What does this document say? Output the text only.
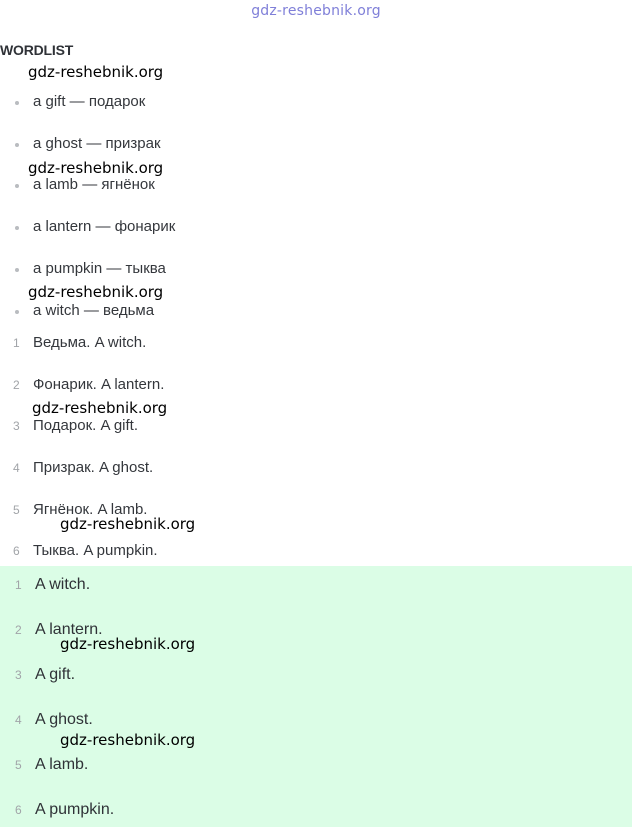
gdz-reshebnik.org
WORDLIST
a gift — подарок
a ghost — призрак
a lamb — ягнёнок
a lantern — фонарик
a pumpkin — тыква
a witch — ведьма
1 Ведьма. A witch.
2 Фонарик. A lantern.
3 Подарок. A gift.
4 Призрак. A ghost.
5 Ягнёнок. A lamb.
6 Тыква. A pumpkin.
1 A witch.
2 A lantern.
3 A gift.
4 A ghost.
5 A lamb.
6 A pumpkin.
gdz-reshebnik.org
gdz-reshebnik.org
gdz-reshebnik.org
gdz-reshebnik.org
gdz-reshebnik.org
gdz-reshebnik.org
gdz-reshebnik.org
